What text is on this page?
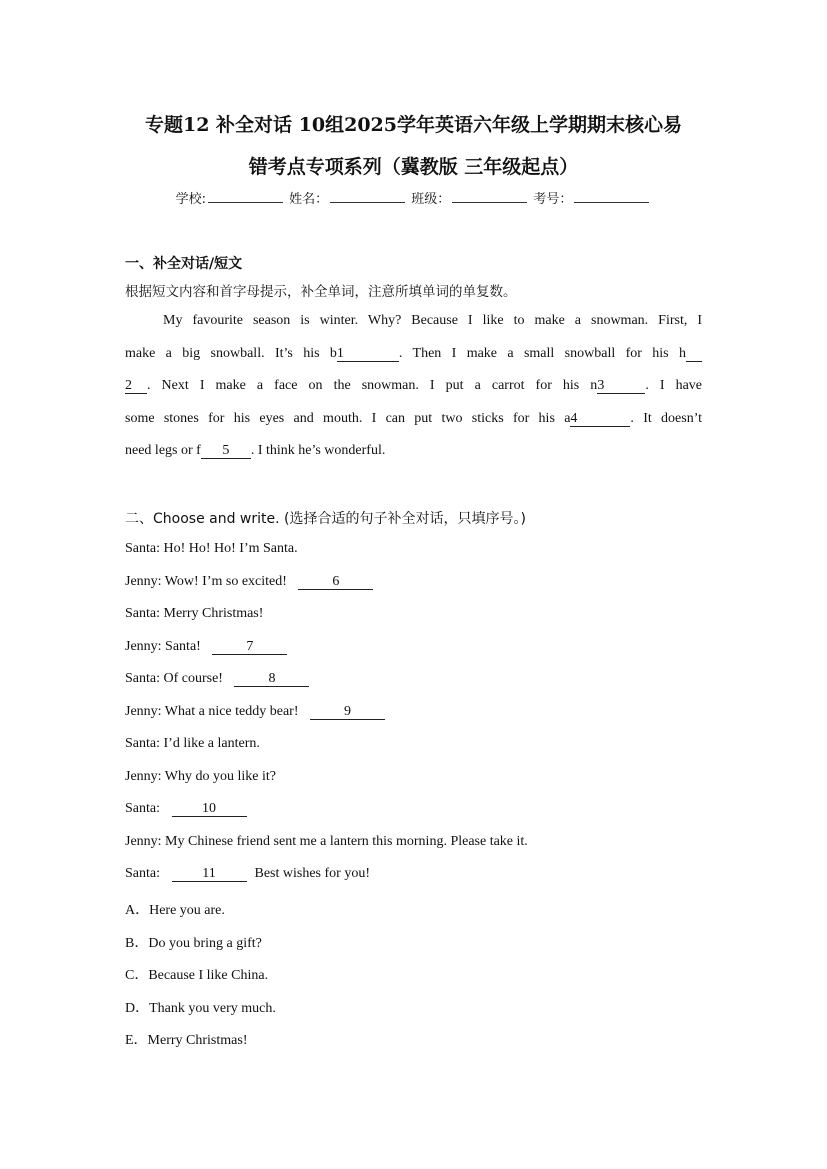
专题12 补全对话 10组2025学年英语六年级上学期期末核心易
错考点专项系列（冀教版 三年级起点）
学校:	姓名：	班级：	考号：
一、补全对话/短文
根据短文内容和首字母提示，补全单词，注意所填单词的单复数。
My favourite season is winter. Why? Because I like to make a snowman. First, I
make a big snowball. It’s his b1	. Then I make a small snowball for his h
2 . Next I make a face on the snowman. I put a carrot for his n3	. I have
some stones for his eyes and mouth. I can put two sticks for his a4	. It doesn’t
need legs or f 5 . I think he’s wonderful.
二、Choose and write. (选择合适的句子补全对话，只填序号。)
Santa: Ho! Ho! Ho! I’m Santa.
Jenny: Wow! I’m so excited!	6
Santa: Merry Christmas!
Jenny: Santa!	7
Santa: Of course!	8
Jenny: What a nice teddy bear!	9
Santa: I’d like a lantern.
Jenny: Why do you like it?
Santa:	10
Jenny: My Chinese friend sent me a lantern this morning. Please take it.
Santa:	11	Best wishes for you!
A．Here you are.
B．Do you bring a gift?
C．Because I like China.
D．Thank you very much.
E．Merry Christmas!
